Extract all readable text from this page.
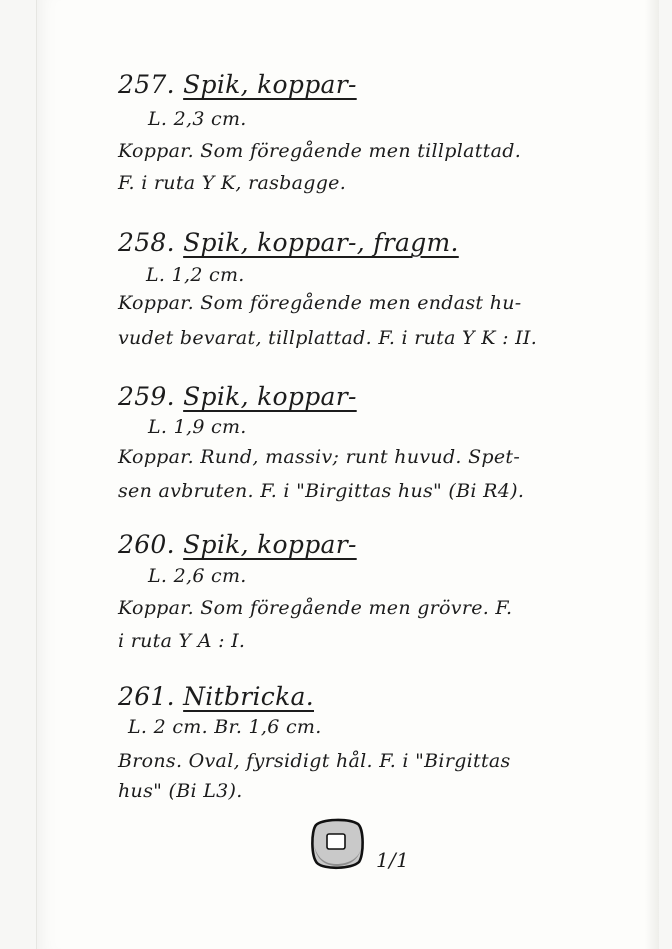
257. Spik, koppar-
L. 2,3 cm.
Koppar. Som föregående men tillplattad.
F. i ruta Y K, rasbagge.
258. Spik, koppar-, fragm.
L. 1,2 cm.
Koppar. Som föregående men endast hu-
vudet bevarat, tillplattad. F. i ruta Y K : II.
259. Spik, koppar-
L. 1,9 cm.
Koppar. Rund, massiv; runt huvud. Spet-
sen avbruten. F. i "Birgittas hus" (Bi R4).
260. Spik, koppar-
L. 2,6 cm.
Koppar. Som föregående men grövre. F.
i ruta Y A : I.
261. Nitbricka.
L. 2 cm. Br. 1,6 cm.
Brons. Oval, fyrsidigt hål. F. i "Birgittas
hus" (Bi L3).
1/1
